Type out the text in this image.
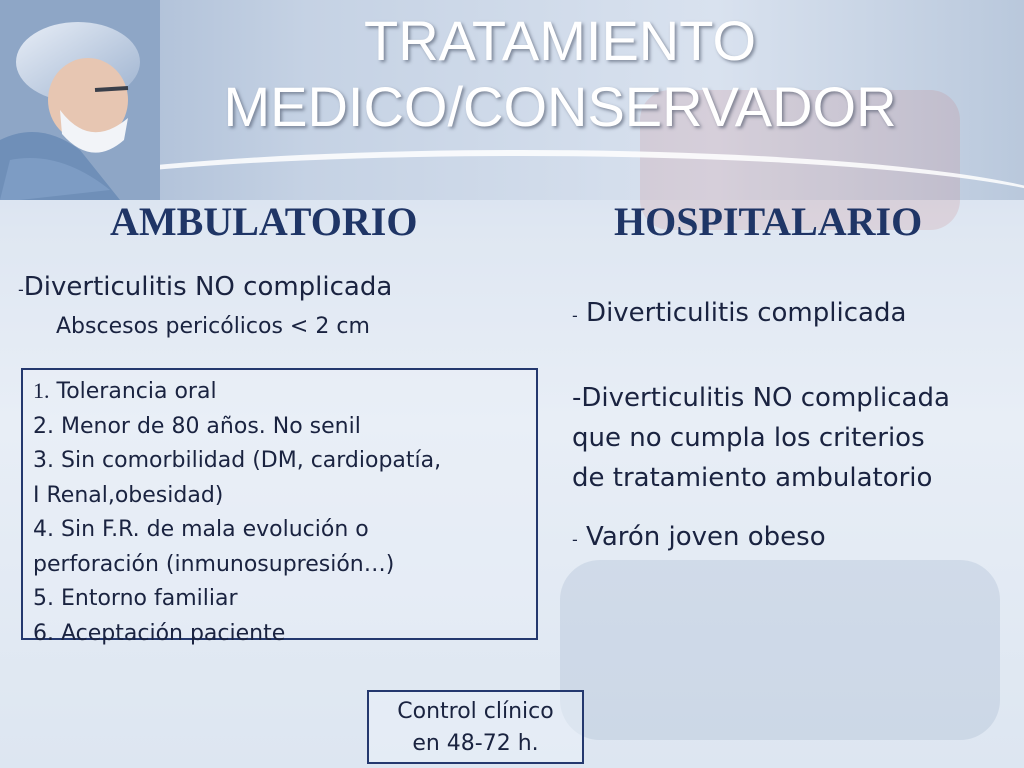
TRATAMIENTO
MEDICO/CONSERVADOR
AMBULATORIO	HOSPITALARIO
-Diverticulitis NO complicada
Abscesos pericólicos < 2 cm
1. Tolerancia oral
2. Menor de 80 años. No senil
3. Sin comorbilidad (DM, cardiopatía,
I Renal,obesidad)
4. Sin F.R. de mala evolución o
perforación (inmunosupresión…)
5. Entorno familiar
6. Aceptación paciente
- Diverticulitis complicada
-Diverticulitis NO complicada
que no cumpla los criterios
de tratamiento ambulatorio
- Varón joven obeso
Control clínico
en 48-72 h.
